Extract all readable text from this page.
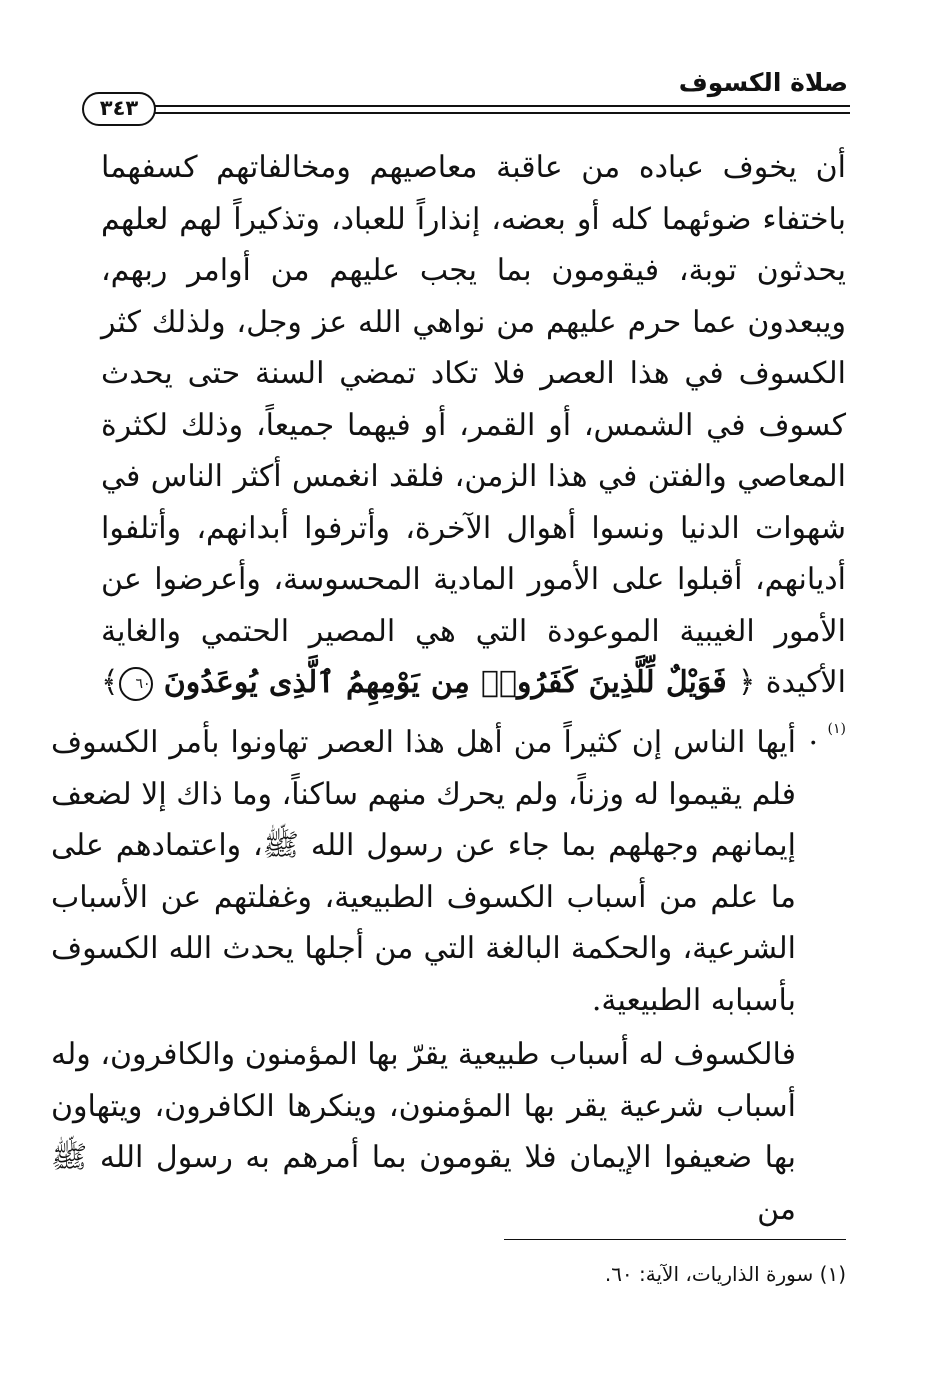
صلاة الكسوف
٣٤٣

أن يخوف عباده من عاقبة معاصيهم ومخالفاتهم كسفهما باختفاء ضوئهما كله أو بعضه، إنذاراً للعباد، وتذكيراً لهم لعلهم يحدثون توبة، فيقومون بما يجب عليهم من أوامر ربهم، ويبعدون عما حرم عليهم من نواهي الله عز وجل، ولذلك كثر الكسوف في هذا العصر فلا تكاد تمضي السنة حتى يحدث كسوف في الشمس، أو القمر، أو فيهما جميعاً، وذلك لكثرة المعاصي والفتن في هذا الزمن، فلقد انغمس أكثر الناس في شهوات الدنيا ونسوا أهوال الآخرة، وأترفوا أبدانهم، وأتلفوا أديانهم، أقبلوا على الأمور المادية المحسوسة، وأعرضوا عن الأمور الغيبية الموعودة التي هي المصير الحتمي والغاية الأكيدة ﴿ فَوَيْلٌ لِّلَّذِينَ كَفَرُوا۟ مِن يَوْمِهِمُ ٱلَّذِى يُوعَدُونَ ٦٠﴾$^{(١)}$ .

أيها الناس إن كثيراً من أهل هذا العصر تهاونوا بأمر الكسوف فلم يقيموا له وزناً، ولم يحرك منهم ساكناً، وما ذاك إلا لضعف إيمانهم وجهلهم بما جاء عن رسول الله ﷺ، واعتمادهم على ما علم من أسباب الكسوف الطبيعية، وغفلتهم عن الأسباب الشرعية، والحكمة البالغة التي من أجلها يحدث الله الكسوف بأسبابه الطبيعية.

فالكسوف له أسباب طبيعية يقرّ بها المؤمنون والكافرون، وله أسباب شرعية يقر بها المؤمنون، وينكرها الكافرون، ويتهاون بها ضعيفوا الإيمان فلا يقومون بما أمرهم به رسول الله ﷺ من

(١) سورة الذاريات، الآية: ٦٠.
